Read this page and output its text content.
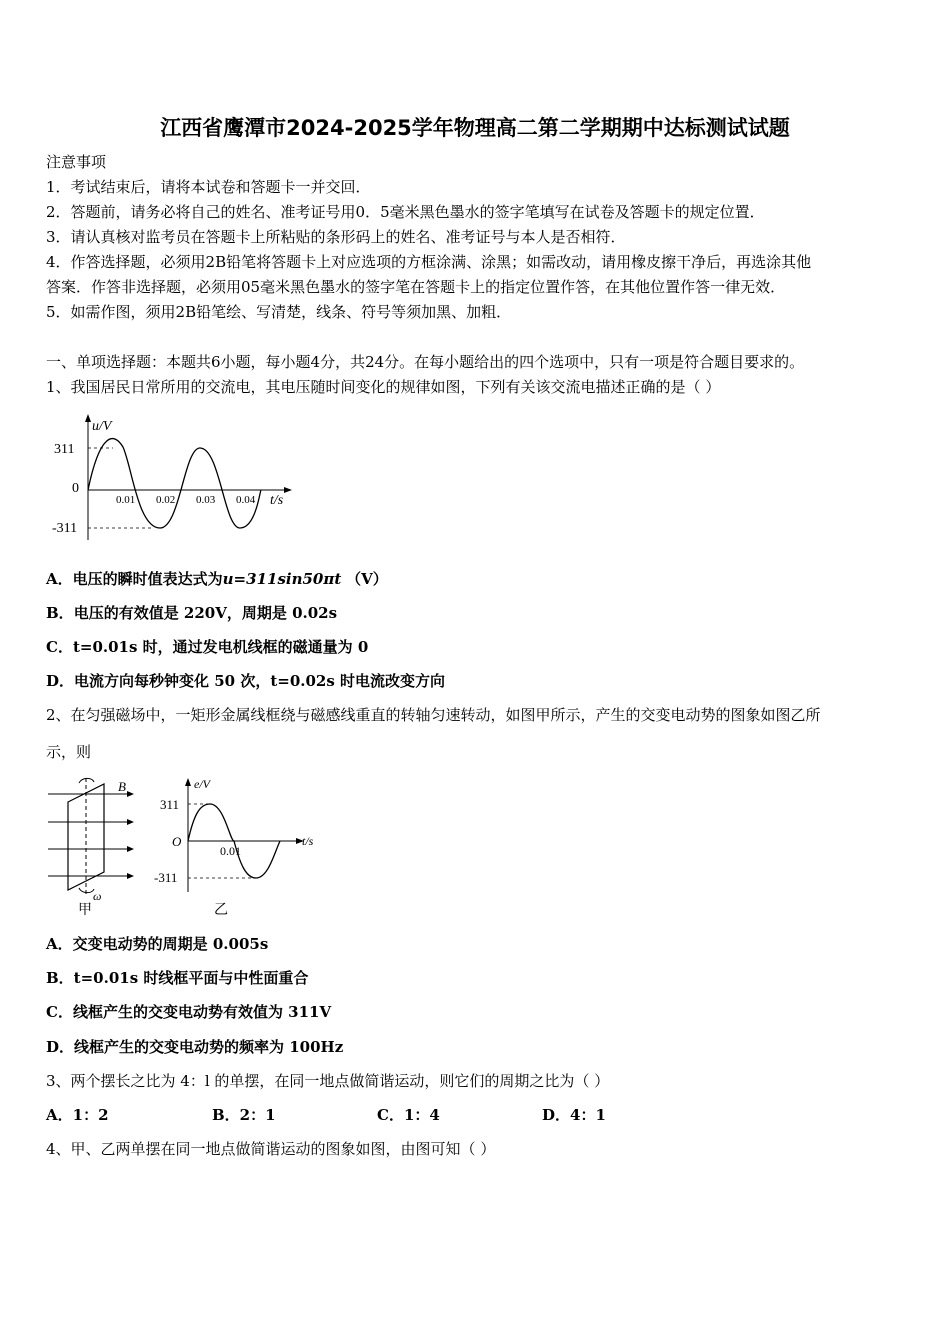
江西省鹰潭市2024-2025学年物理高二第二学期期中达标测试试题
注意事项
1．考试结束后，请将本试卷和答题卡一并交回．
2．答题前，请务必将自己的姓名、准考证号用0．5毫米黑色墨水的签字笔填写在试卷及答题卡的规定位置．
3．请认真核对监考员在答题卡上所粘贴的条形码上的姓名、准考证号与本人是否相符．
4．作答选择题，必须用2B铅笔将答题卡上对应选项的方框涂满、涂黑；如需改动，请用橡皮擦干净后，再选涂其他
答案．作答非选择题，必须用05毫米黑色墨水的签字笔在答题卡上的指定位置作答，在其他位置作答一律无效．
5．如需作图，须用2B铅笔绘、写清楚，线条、符号等须加黑、加粗．
一、单项选择题：本题共6小题，每小题4分，共24分。在每小题给出的四个选项中，只有一项是符合题目要求的。
1、我国居民日常所用的交流电，其电压随时间变化的规律如图，下列有关该交流电描述正确的是（ ）
u/V
311
0
-311
0.01 0.02 0.03 0.04 t/s
A．电压的瞬时值表达式为u=311sin50πt （V）
B．电压的有效值是 220V，周期是 0.02s
C．t=0.01s 时，通过发电机线框的磁通量为 0
D．电流方向每秒钟变化 50 次，t=0.02s 时电流改变方向
2、在匀强磁场中，一矩形金属线框绕与磁感线重直的转轴匀速转动，如图甲所示，产生的交变电动势的图象如图乙所
示，则
B
ω
甲
e/V
311
O
-311
0.01
t/s
乙
A．交变电动势的周期是 0.005s
B．t=0.01s 时线框平面与中性面重合
C．线框产生的交变电动势有效值为 311V
D．线框产生的交变电动势的频率为 100Hz
3、两个摆长之比为 4：l 的单摆，在同一地点做简谐运动，则它们的周期之比为（ ）
A．1：2	B．2：1	C．1：4	D．4：1
4、甲、乙两单摆在同一地点做简谐运动的图象如图，由图可知（ ）
